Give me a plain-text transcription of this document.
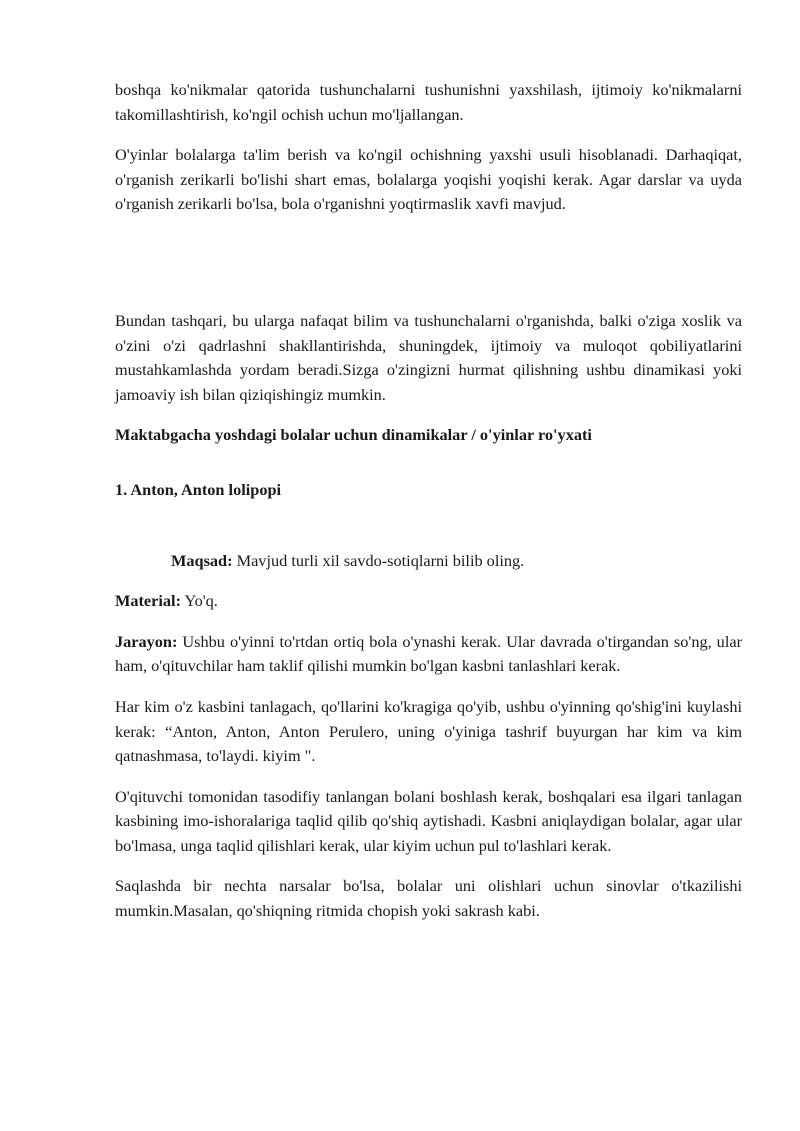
boshqa ko'nikmalar qatorida tushunchalarni tushunishni yaxshilash, ijtimoiy ko'nikmalarni takomillashtirish, ko'ngil ochish uchun mo'ljallangan.

O'yinlar bolalarga ta'lim berish va ko'ngil ochishning yaxshi usuli hisoblanadi. Darhaqiqat, o'rganish zerikarli bo'lishi shart emas, bolalarga yoqishi yoqishi kerak. Agar darslar va uyda o'rganish zerikarli bo'lsa, bola o'rganishni yoqtirmaslik xavfi mavjud.

Bundan tashqari, bu ularga nafaqat bilim va tushunchalarni o'rganishda, balki o'ziga xoslik va o'zini o'zi qadrlashni shakllantirishda, shuningdek, ijtimoiy va muloqot qobiliyatlarini mustahkamlashda yordam beradi.Sizga o'zingizni hurmat qilishning ushbu dinamikasi yoki jamoaviy ish bilan qiziqishingiz mumkin.

Maktabgacha yoshdagi bolalar uchun dinamikalar / o'yinlar ro'yxati

1. Anton, Anton lolipopi

Maqsad: Mavjud turli xil savdo-sotiqlarni bilib oling.

Material: Yo'q.

Jarayon: Ushbu o'yinni to'rtdan ortiq bola o'ynashi kerak. Ular davrada o'tirgandan so'ng, ular ham, o'qituvchilar ham taklif qilishi mumkin bo'lgan kasbni tanlashlari kerak.

Har kim o'z kasbini tanlagach, qo'llarini ko'kragiga qo'yib, ushbu o'yinning qo'shig'ini kuylashi kerak: “Anton, Anton, Anton Perulero, uning o'yiniga tashrif buyurgan har kim va kim qatnashmasa, to'laydi. kiyim ".

O'qituvchi tomonidan tasodifiy tanlangan bolani boshlash kerak, boshqalari esa ilgari tanlagan kasbining imo-ishoralariga taqlid qilib qo'shiq aytishadi. Kasbni aniqlaydigan bolalar, agar ular bo'lmasa, unga taqlid qilishlari kerak, ular kiyim uchun pul to'lashlari kerak.

Saqlashda bir nechta narsalar bo'lsa, bolalar uni olishlari uchun sinovlar o'tkazilishi mumkin.Masalan, qo'shiqning ritmida chopish yoki sakrash kabi.
